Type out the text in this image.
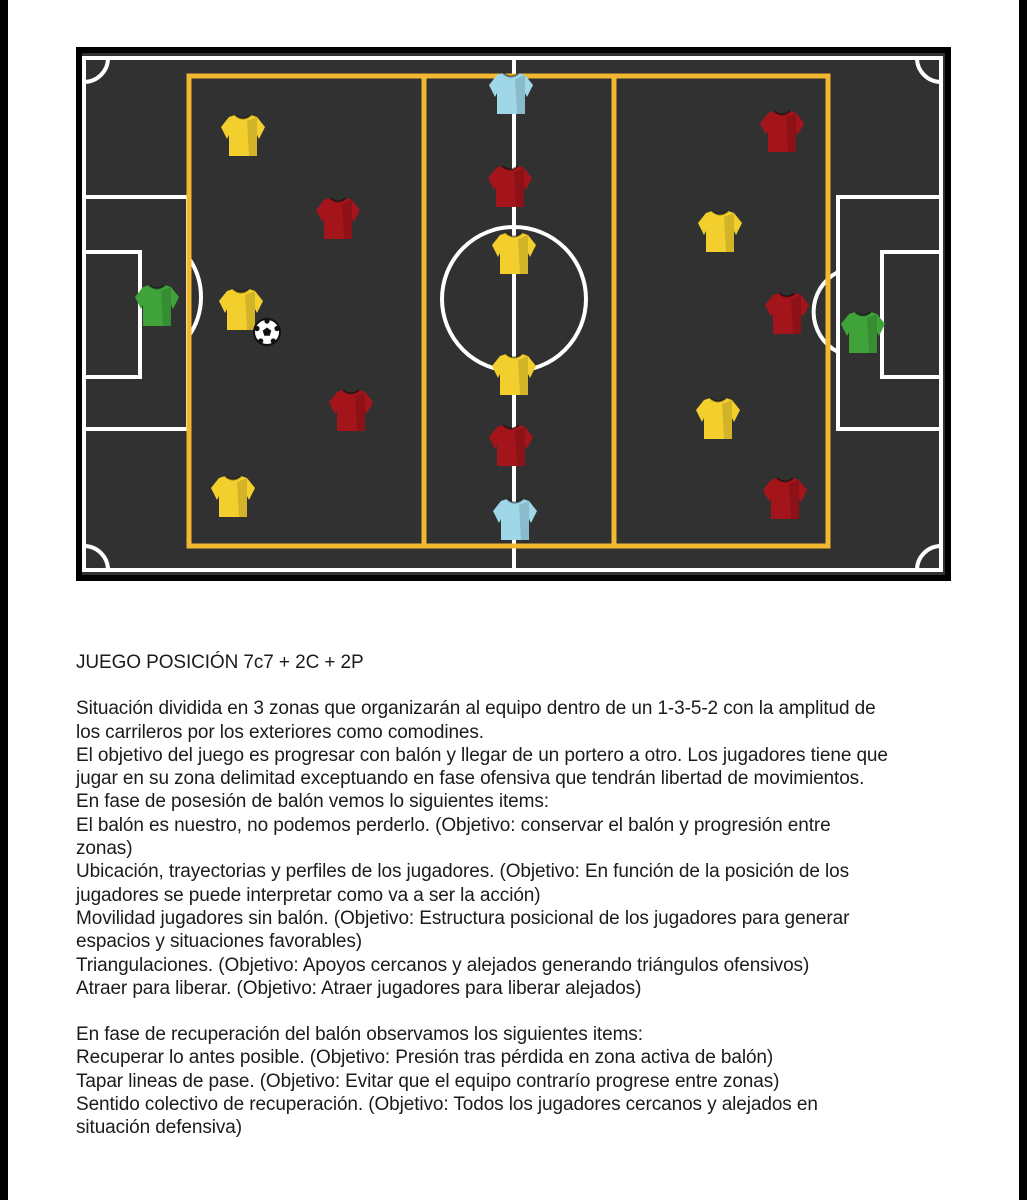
JUEGO POSICIÓN 7c7 + 2C + 2P

Situación dividida en 3 zonas que organizarán al equipo dentro de un 1-3-5-2 con la amplitud de

los carrileros por los exteriores como comodines.

El objetivo del juego es progresar con balón y llegar de un portero a otro. Los jugadores tiene que

jugar en su zona delimitad exceptuando en fase ofensiva que tendrán libertad de movimientos.

En fase de posesión de balón vemos lo siguientes items:

El balón es nuestro, no podemos perderlo. (Objetivo: conservar el balón y progresión entre

zonas)

Ubicación, trayectorias y perfiles de los jugadores. (Objetivo: En función de la posición de los

jugadores se puede interpretar como va a ser la acción)

Movilidad jugadores sin balón. (Objetivo: Estructura posicional de los jugadores para generar

espacios y situaciones favorables)

Triangulaciones. (Objetivo: Apoyos cercanos y alejados generando triángulos ofensivos)

Atraer para liberar. (Objetivo: Atraer jugadores para liberar alejados)

En fase de recuperación del balón observamos los siguientes items:

Recuperar lo antes posible. (Objetivo: Presión tras pérdida en zona activa de balón)

Tapar lineas de pase. (Objetivo: Evitar que el equipo contrarío progrese entre zonas)

Sentido colectivo de recuperación. (Objetivo: Todos los jugadores cercanos y alejados en

situación defensiva)
